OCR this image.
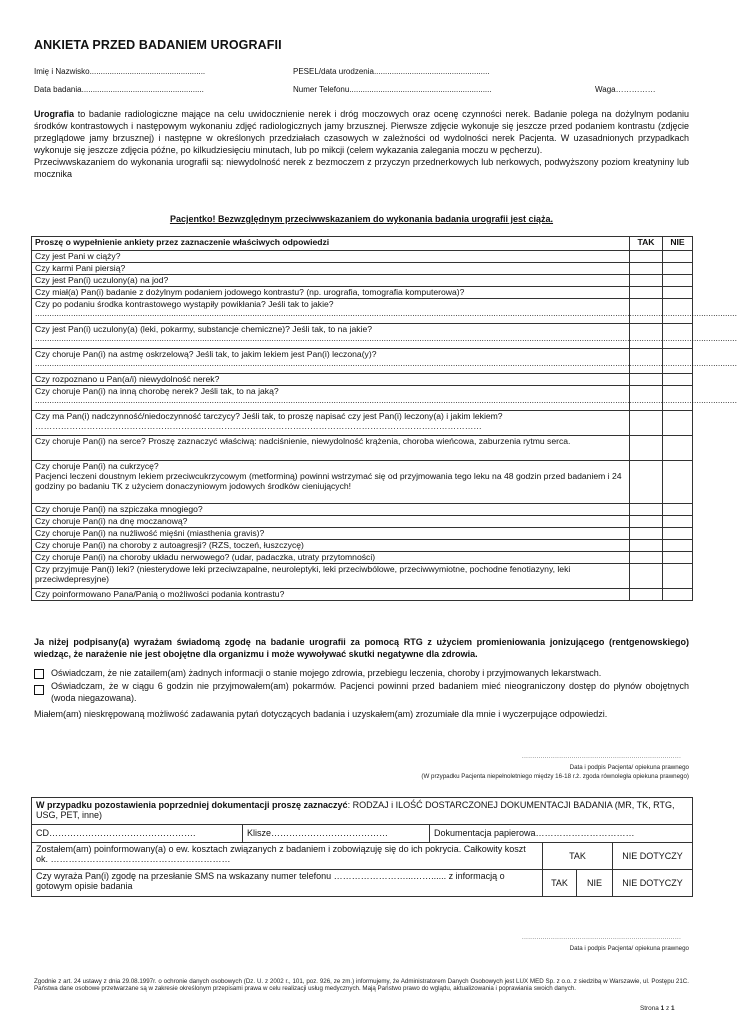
ANKIETA PRZED BADANIEM UROGRAFII
Imię i Nazwisko....................................................	PESEL/data urodzenia....................................................
Data badania.......................................................	Numer Telefonu................................................................	Waga……………

Urografia to badanie radiologiczne mające na celu uwidocznienie nerek i dróg moczowych oraz ocenę czynności nerek. Badanie polega na dożylnym podaniu środków kontrastowych i następowym wykonaniu zdjęć radiologicznych jamy brzusznej. Pierwsze zdjęcie wykonuje się jeszcze przed podaniem kontrastu (zdjęcie przeglądowe jamy brzusznej) i następne w określonych przedziałach czasowych w zależności od wydolności nerek Pacjenta. W uzasadnionych przypadkach wykonuje się jeszcze zdjęcia późne, po kilkudziesięciu minutach, lub po mikcji (celem wykazania zalegania moczu w pęcherzu).

Przeciwwskazaniem do wykonania urografii są: niewydolność nerek z bezmoczem z przyczyn przednerkowych lub nerkowych, podwyższony poziom kreatyniny lub mocznika

Pacjentko! Bezwzględnym przeciwwskazaniem do wykonania badania urografii jest ciąża.
Proszę o wypełnienie ankiety przez zaznaczenie właściwych odpowiedzi	TAK	NIE
Czy jest Pani w ciąży?		
Czy karmi Pani piersią?		
Czy jest Pan(i) uczulony(a) na jod?		
Czy miał(a) Pan(i) badanie z dożylnym podaniem jodowego kontrastu? (np. urografia, tomografia komputerowa)?		
Czy po podaniu środka kontrastowego wystąpiły powikłania? Jeśli tak to jakie?
......................................................................................................................................................................................................................................................................................................		

Czy jest Pan(i) uczulony(a) (leki, pokarmy, substancje chemiczne)? Jeśli tak, to na jakie?
......................................................................................................................................................................................................................................................................................................		

Czy choruje Pan(i) na astmę oskrzelową? Jeśli tak, to jakim lekiem jest Pan(i) leczona(y)?
......................................................................................................................................................................................................................................................................................................		

Czy rozpoznano u Pan(a/i) niewydolność nerek?		
Czy choruje Pan(i) na inną chorobę nerek? Jeśli tak, to na jaką?
......................................................................................................................................................................................................................................................................................................		

Czy ma Pan(i) nadczynność/niedoczynność tarczycy? Jeśli tak, to proszę napisać czy jest Pan(i) leczony(a) i jakim lekiem? …………………………………………………………………………………………………………………………………………		
Czy choruje Pan(i) na serce? Proszę zaznaczyć właściwą: nadciśnienie, niewydolność krążenia, choroba wieńcowa, zaburzenia rytmu serca.		

Czy choruje Pan(i) na cukrzycę?
Pacjenci leczeni doustnym lekiem przeciwcukrzycowym (metforminą) powinni wstrzymać się od przyjmowania tego leku na 48 godzin przed badaniem i 24 godziny po badaniu TK z użyciem donaczyniowym jodowych środków cieniujących!		
Czy choruje Pan(i) na szpiczaka mnogiego?		
Czy choruje Pan(i) na dnę moczanową?		
Czy choruje Pan(i) na nużliwość mięśni (miasthenia gravis)?		
Czy choruje Pan(i) na choroby z autoagresji? (RZS, toczeń, łuszczycę)		
Czy choruje Pan(i) na choroby układu nerwowego? (udar, padaczka, utraty przytomności)		
Czy przyjmuje Pan(i) leki? (niesterydowe leki przeciwzapalne, neuroleptyki, leki przeciwbólowe, przeciwwymiotne, pochodne fenotiazyny, leki przeciwdepresyjne)		
Czy poinformowano Pana/Panią o możliwości podania kontrastu?		
Ja niżej podpisany(a) wyrażam świadomą zgodę na badanie urografii za pomocą RTG z użyciem promieniowania jonizującego (rentgenowskiego) wiedząc, że narażenie nie jest obojętne dla organizmu i może wywoływać skutki negatywne dla zdrowia.
Oświadczam, że nie zatailem(am) żadnych informacji o stanie mojego zdrowia, przebiegu leczenia, choroby i przyjmowanych lekarstwach.
Oświadczam, że w ciągu 6 godzin nie przyjmowałem(am) pokarmów. Pacjenci powinni przed badaniem mieć nieograniczony dostęp do płynów obojętnych (woda niegazowana).
Miałem(am) nieskrępowaną możliwość zadawania pytań dotyczących badania i uzyskałem(am) zrozumiałe dla mnie i wyczerpujące odpowiedzi.
.............................................................................
Data i podpis Pacjenta/ opiekuna prawnego
(W przypadku Pacjenta niepełnoletniego między 16-18 r.ż. zgoda równoległa opiekuna prawnego)
W przypadku pozostawienia poprzedniej dokumentacji proszę zaznaczyć: RODZAJ i ILOŚĆ DOSTARCZONEJ DOKUMENTACJI BADANIA (MR, TK, RTG, USG, PET, inne)					
CD………………………………………….	Klisze…………………………………	Dokumentacja papierowa……………………………			
Zostałem(am) poinformowany(a) o ew. kosztach związanych z badaniem i zobowiązuję się do ich pokrycia. Całkowity koszt ok. ……………………………………………………			TAK		NIE DOTYCZY
Czy wyraża Pan(i) zgodę na przesłanie SMS na wskazany numer telefonu ……………………...……...... z informacją o gotowym opisie badania			TAK	NIE	NIE DOTYCZY
.............................................................................
Data i podpis Pacjenta/ opiekuna prawnego
Zgodnie z art. 24 ustawy z dnia 29.08.1997r. o ochronie danych osobowych (Dz. U. z 2002 r., 101, poz. 926, ze zm.) informujemy, że Administratorem Danych Osobowych jest LUX MED Sp. z o.o. z siedzibą w Warszawie, ul. Postępu 21C. Państwa dane osobowe przetwarzane są w zakresie określonym przepisami prawa w celu realizacji usług medycznych. Mają Państwo prawo do wglądu, aktualizowania i poprawiania swoich danych.
Strona 1 z 1
